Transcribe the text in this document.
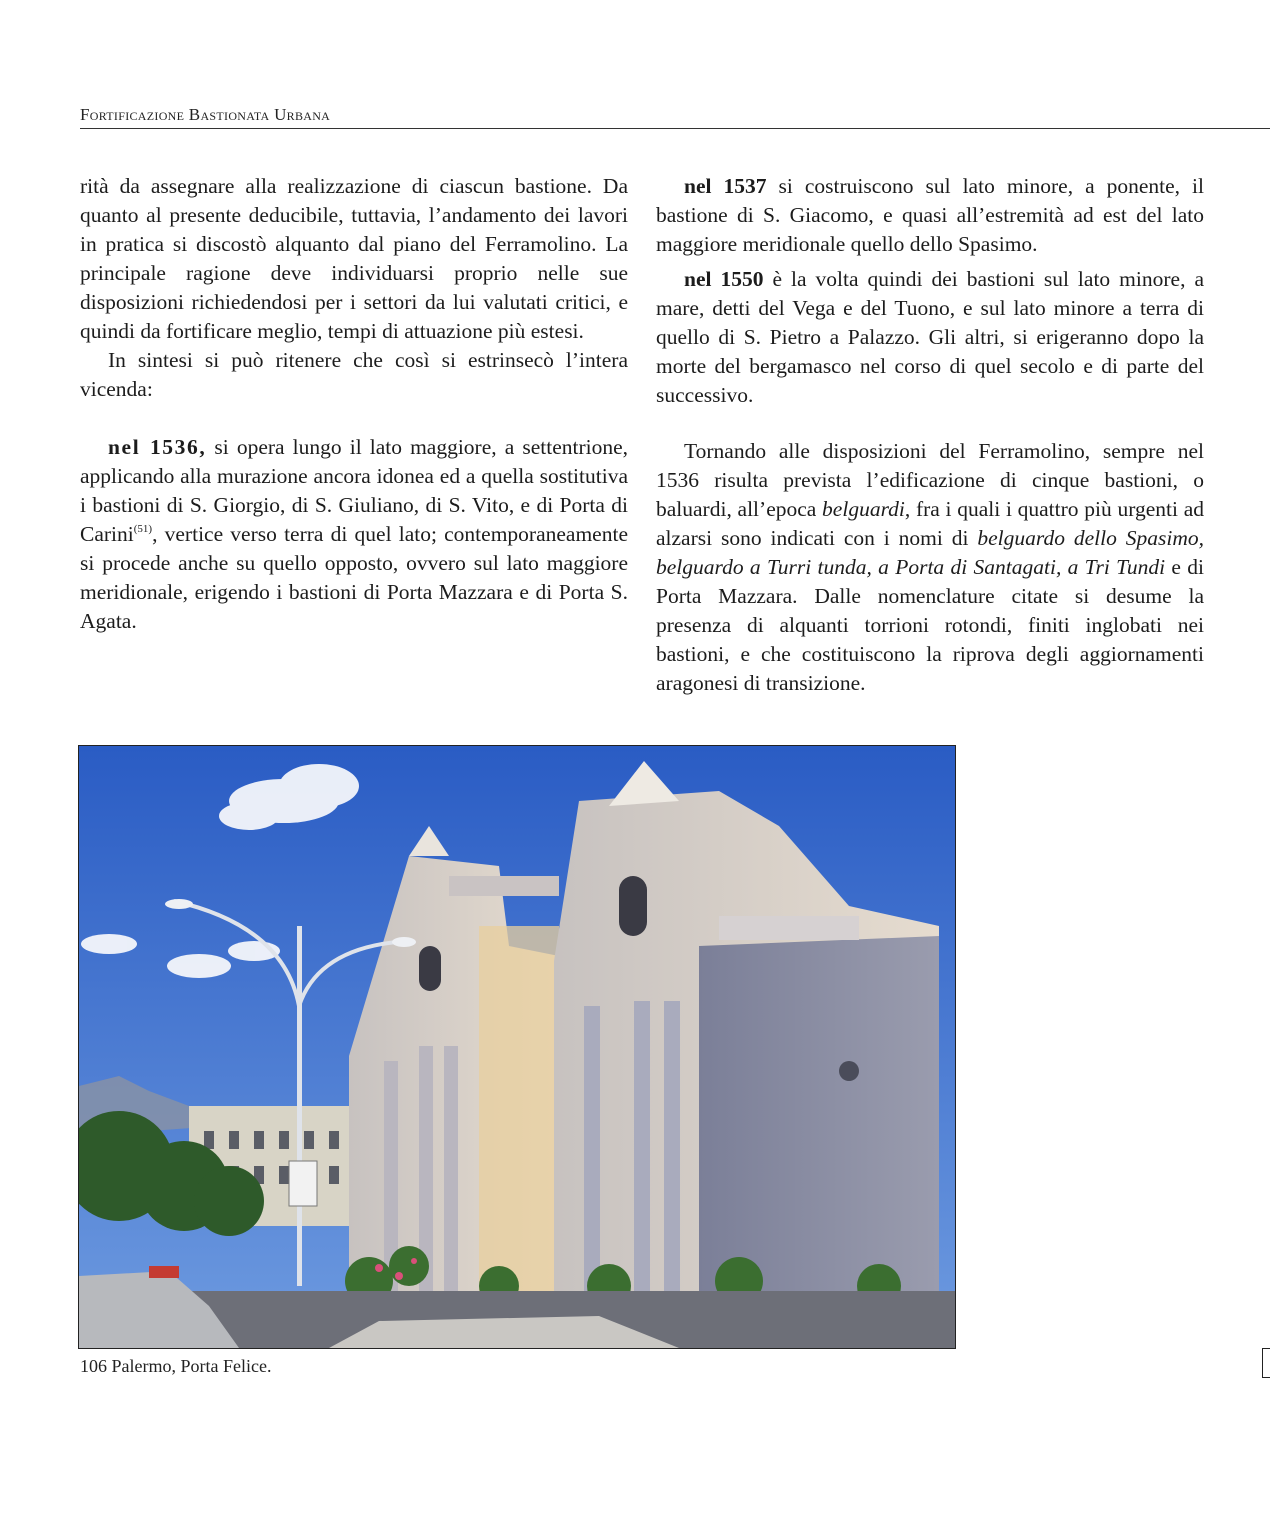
Fortificazione Bastionata Urbana

rità da assegnare alla realizzazione di ciascun bastione. Da quanto al presente deducibile, tuttavia, l’andamento dei lavori in pratica si discostò alquanto dal piano del Ferramolino. La principale ragione deve individuarsi proprio nelle sue disposizioni richiedendosi per i settori da lui valutati critici, e quindi da fortificare meglio, tempi di attuazione più estesi.

In sintesi si può ritenere che così si estrinsecò l’intera vicenda:

nel 1536, si opera lungo il lato maggiore, a settentrione, applicando alla murazione ancora idonea ed a quella sostitutiva i bastioni di S. Giorgio, di S. Giuliano, di S. Vito, e di Porta di Carini$^{(51)}$, vertice verso terra di quel lato; contemporaneamente si procede anche su quello opposto, ovvero sul lato maggiore meridionale, erigendo i bastioni di Porta Mazzara e di Porta S. Agata.

nel 1537 si costruiscono sul lato minore, a ponente, il bastione di S. Giacomo, e quasi all’estremità ad est del lato maggiore meridionale quello dello Spasimo.

nel 1550 è la volta quindi dei bastioni sul lato minore, a mare, detti del Vega e del Tuono, e sul lato minore a terra di quello di S. Pietro a Palazzo. Gli altri, si erigeranno dopo la morte del bergamasco nel corso di quel secolo e di parte del successivo.

Tornando alle disposizioni del Ferramolino, sempre nel 1536 risulta prevista l’edificazione di cinque bastioni, o baluardi, all’epoca belguardi, fra i quali i quattro più urgenti ad alzarsi sono indicati con i nomi di belguardo dello Spasimo, belguardo a Turri tunda, a Porta di Santagati, a Tri Tundi e di Porta Mazzara. Dalle nomenclature citate si desume la presenza di alquanti torrioni rotondi, finiti inglobati nei bastioni, e che costituiscono la riprova degli aggiornamenti aragonesi di transizione.

106 Palermo, Porta Felice.
